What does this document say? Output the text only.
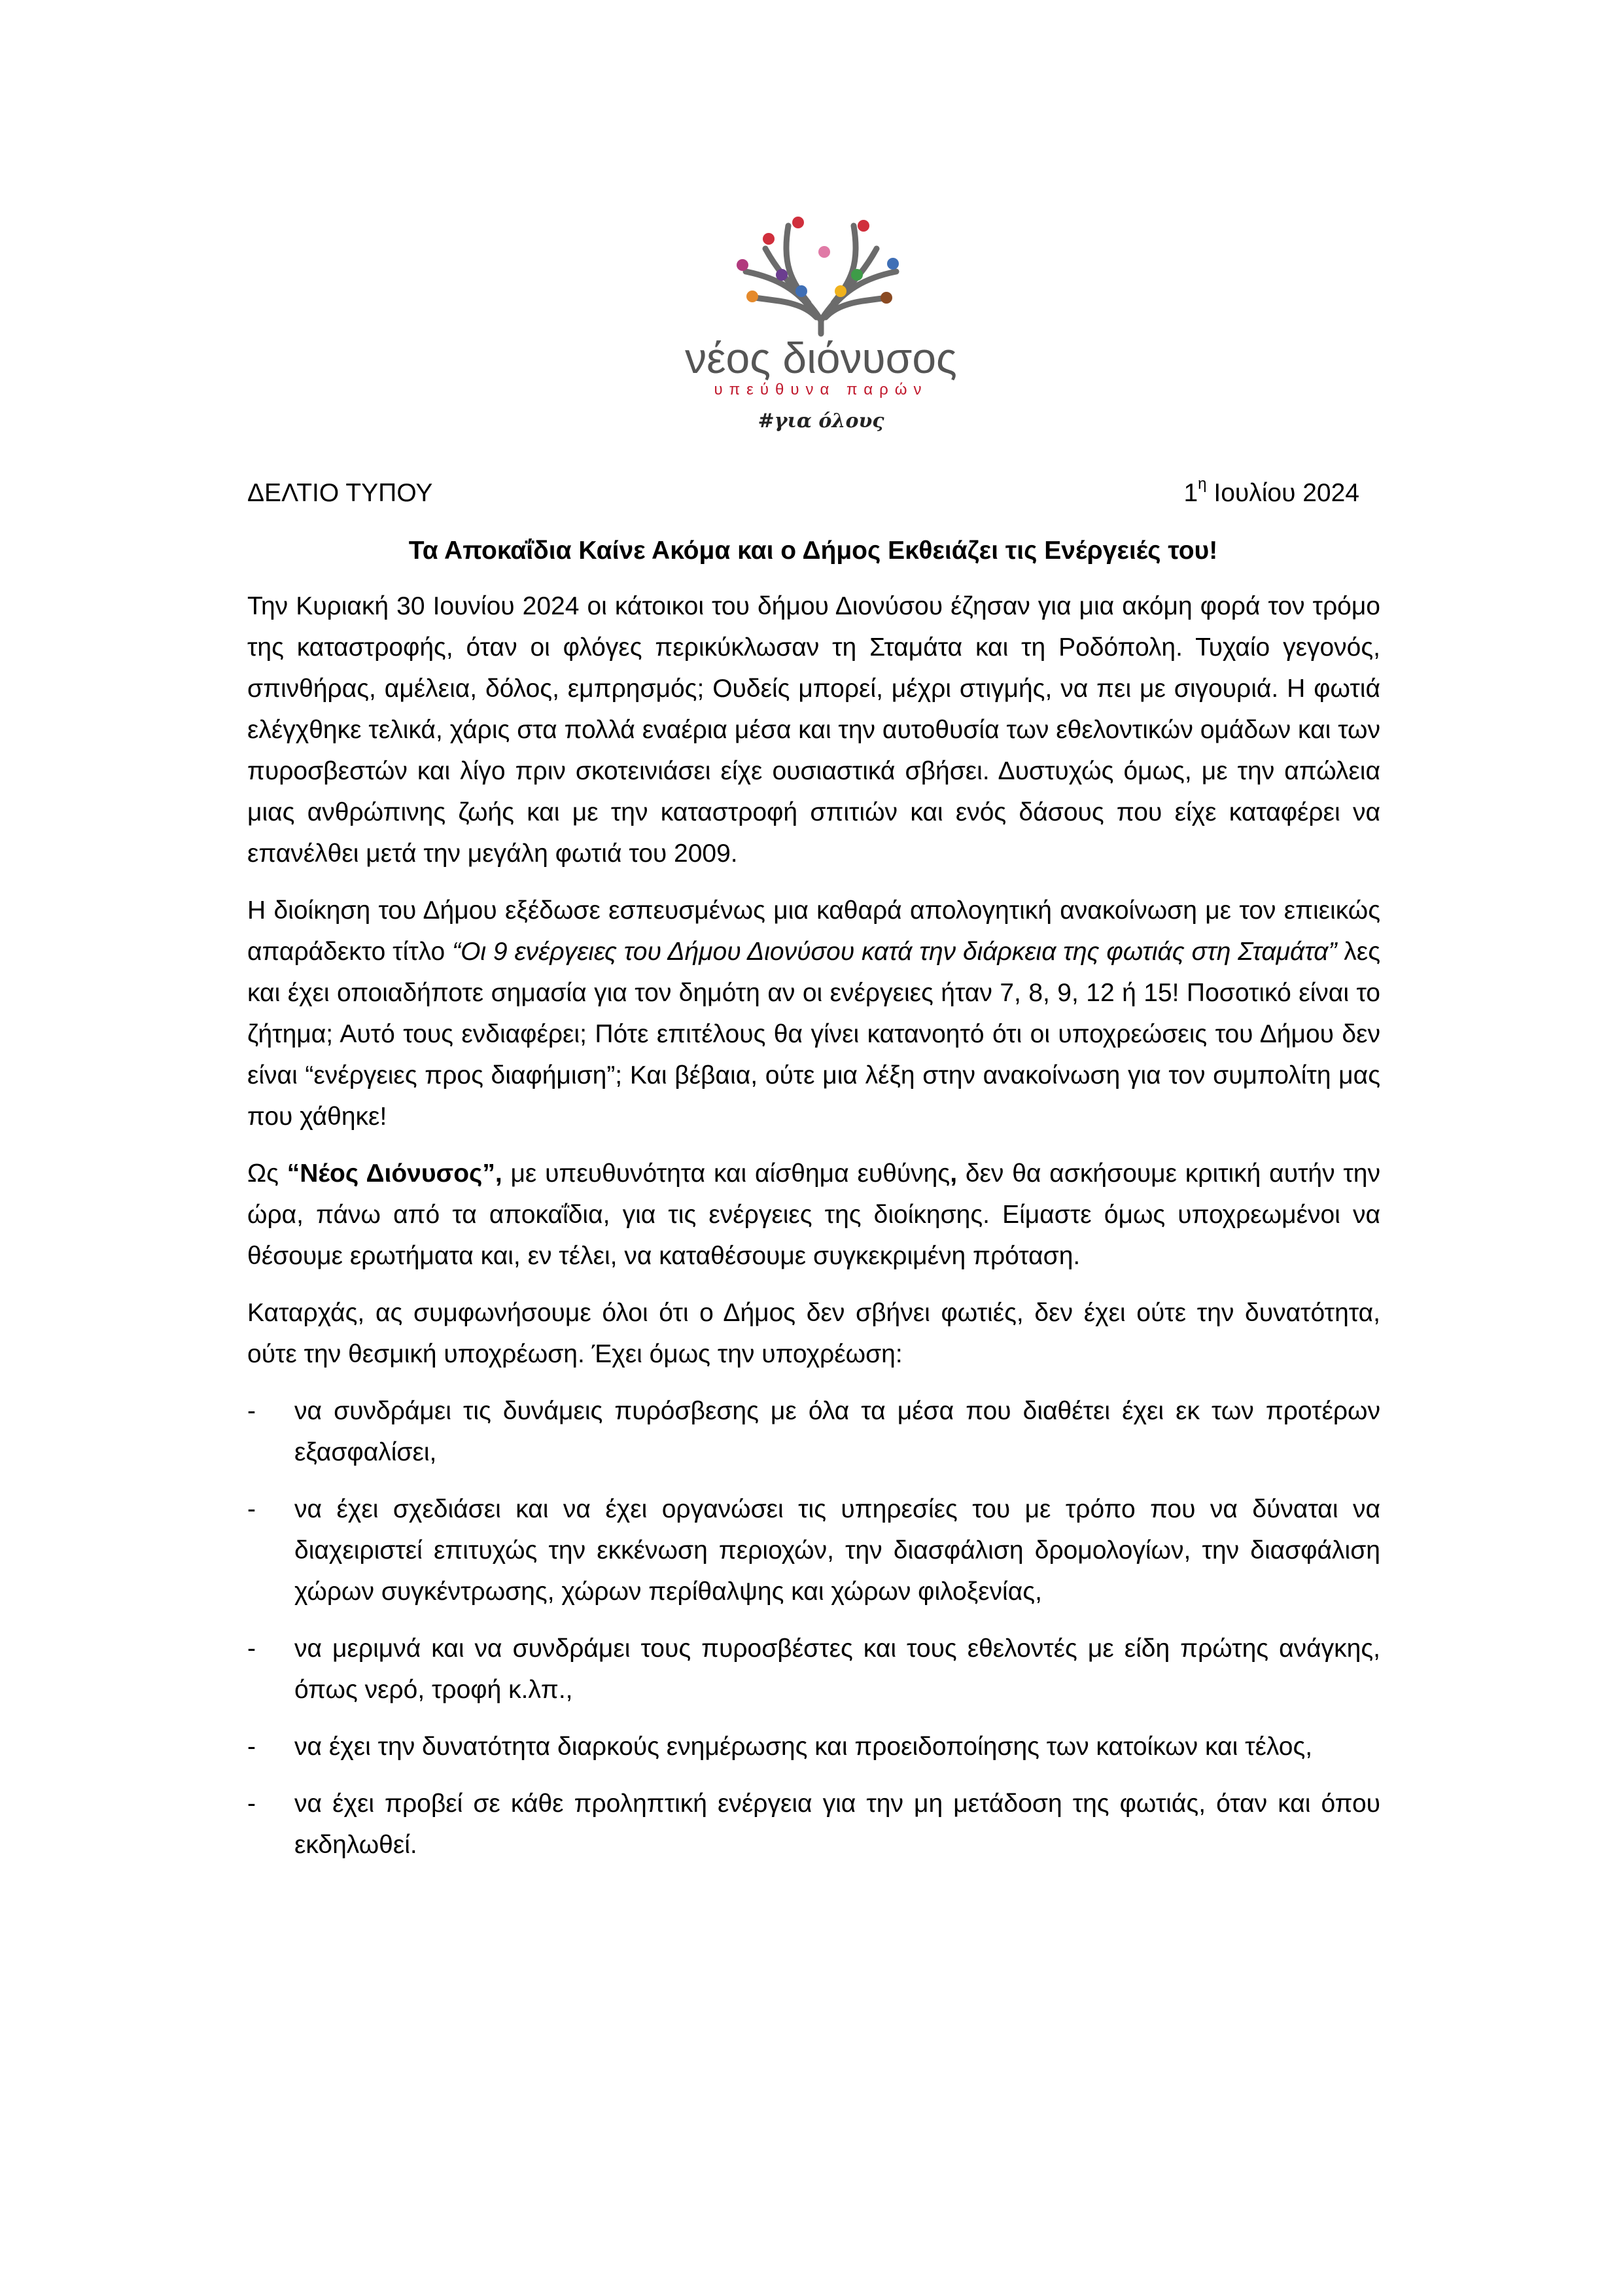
νέος διόνυσος
υπεύθυνα παρών
#για όλους
ΔΕΛΤΙΟ ΤΥΠΟΥ	$1^\eta$ Ιουλίου 2024
Τα Αποκαΐδια Καίνε Ακόμα και ο Δήμος Εκθειάζει τις Ενέργειές του!

Την Κυριακή 30 Ιουνίου 2024 οι κάτοικοι του δήμου Διονύσου έζησαν για μια ακόμη φορά τον τρόμο της καταστροφής, όταν οι φλόγες περικύκλωσαν τη Σταμάτα και τη Ροδόπολη. Τυχαίο γεγονός, σπινθήρας, αμέλεια, δόλος, εμπρησμός; Ουδείς μπορεί, μέχρι στιγμής, να πει με σιγουριά. Η φωτιά ελέγχθηκε τελικά, χάρις στα πολλά εναέρια μέσα και την αυτοθυσία των εθελοντικών ομάδων και των πυροσβεστών και λίγο πριν σκοτεινιάσει είχε ουσιαστικά σβήσει. Δυστυχώς όμως, με την απώλεια μιας ανθρώπινης ζωής και με την καταστροφή σπιτιών και ενός δάσους που είχε καταφέρει να επανέλθει μετά την μεγάλη φωτιά του 2009.

Η διοίκηση του Δήμου εξέδωσε εσπευσμένως μια καθαρά απολογητική ανακοίνωση με τον επιεικώς απαράδεκτο τίτλο “Οι 9 ενέργειες του Δήμου Διονύσου κατά την διάρκεια της φωτιάς στη Σταμάτα” λες και έχει οποιαδήποτε σημασία για τον δημότη αν οι ενέργειες ήταν 7, 8, 9, 12 ή 15! Ποσοτικό είναι το ζήτημα; Αυτό τους ενδιαφέρει; Πότε επιτέλους θα γίνει κατανοητό ότι οι υποχρεώσεις του Δήμου δεν είναι “ενέργειες προς διαφήμιση”; Και βέβαια, ούτε μια λέξη στην ανακοίνωση για τον συμπολίτη μας που χάθηκε!

Ως “Νέος Διόνυσος”, με υπευθυνότητα και αίσθημα ευθύνης, δεν θα ασκήσουμε κριτική αυτήν την ώρα, πάνω από τα αποκαΐδια, για τις ενέργειες της διοίκησης. Είμαστε όμως υποχρεωμένοι να θέσουμε ερωτήματα και, εν τέλει, να καταθέσουμε συγκεκριμένη πρόταση.

Καταρχάς, ας συμφωνήσουμε όλοι ότι ο Δήμος δεν σβήνει φωτιές, δεν έχει ούτε την δυνατότητα, ούτε την θεσμική υποχρέωση. Έχει όμως την υποχρέωση:

- να συνδράμει τις δυνάμεις πυρόσβεσης με όλα τα μέσα που διαθέτει έχει εκ των προτέρων εξασφαλίσει,
- να έχει σχεδιάσει και να έχει οργανώσει τις υπηρεσίες του με τρόπο που να δύναται να διαχειριστεί επιτυχώς την εκκένωση περιοχών, την διασφάλιση δρομολογίων, την διασφάλιση χώρων συγκέντρωσης, χώρων περίθαλψης και χώρων φιλοξενίας,
- να μεριμνά και να συνδράμει τους πυροσβέστες και τους εθελοντές με είδη πρώτης ανάγκης, όπως νερό, τροφή κ.λπ.,
- να έχει την δυνατότητα διαρκούς ενημέρωσης και προειδοποίησης των κατοίκων και τέλος,
- να έχει προβεί σε κάθε προληπτική ενέργεια για την μη μετάδοση της φωτιάς, όταν και όπου εκδηλωθεί.
